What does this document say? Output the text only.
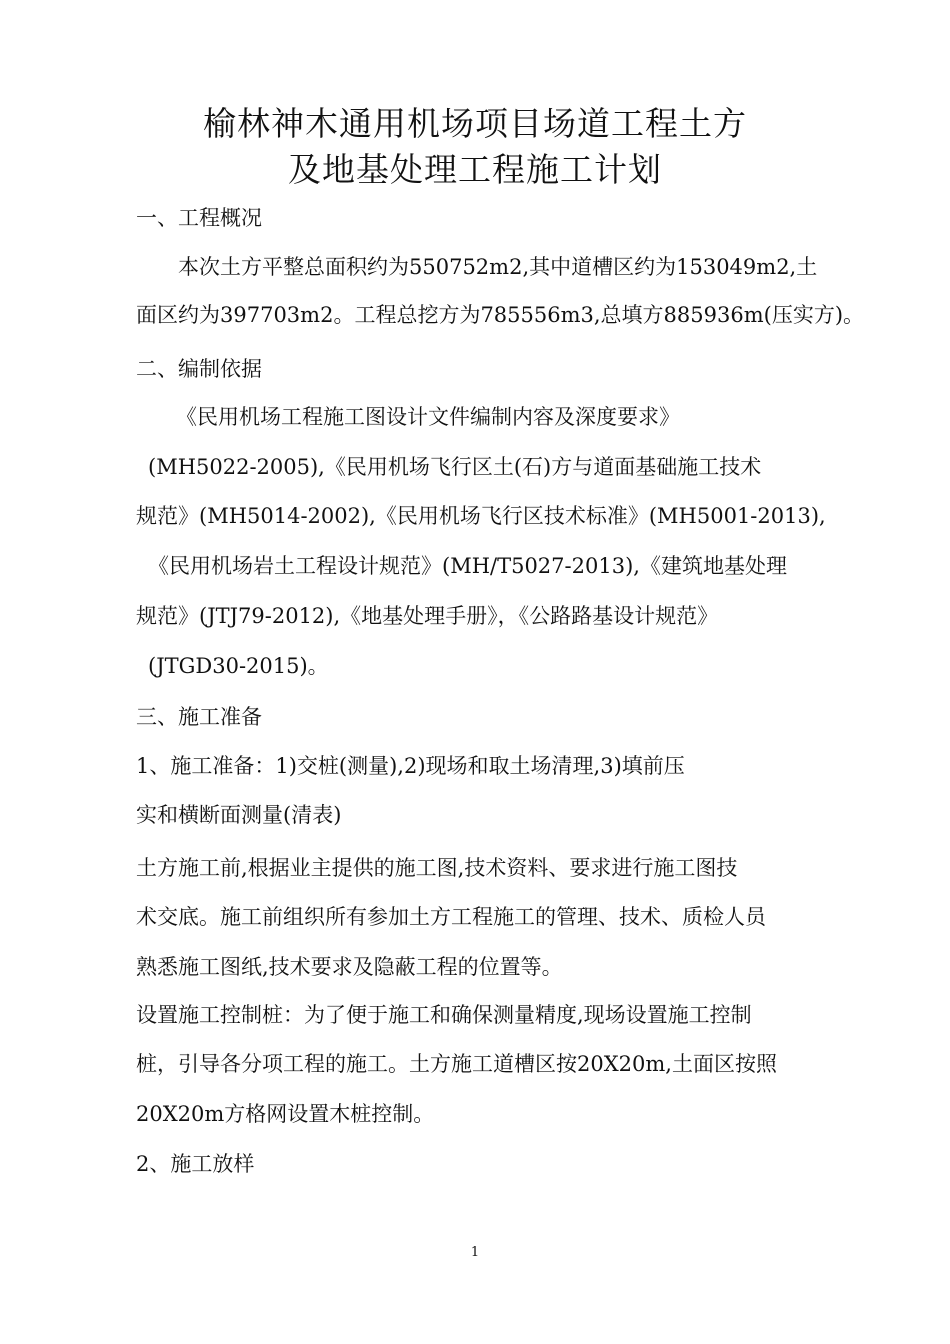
榆林神木通用机场项目场道工程土方
及地基处理工程施工计划
一、工程概况
本次土方平整总面积约为550752m2,其中道槽区约为153049m2,土
面区约为397703m2。工程总挖方为785556m3,总填方885936m(压实方)。
二、编制依据
《民用机场工程施工图设计文件编制内容及深度要求》
(MH5022-2005),《民用机场飞行区土(石)方与道面基础施工技术
规范》(MH5014-2002),《民用机场飞行区技术标准》(MH5001-2013),
《民用机场岩土工程设计规范》(MH/T5027-2013),《建筑地基处理
规范》(JTJ79-2012),《地基处理手册》，《公路路基设计规范》
(JTGD30-2015)。
三、施工准备
1、施工准备：1)交桩(测量),2)现场和取土场清理,3)填前压
实和横断面测量(清表)
土方施工前,根据业主提供的施工图,技术资料、要求进行施工图技
术交底。施工前组织所有参加土方工程施工的管理、技术、质检人员
熟悉施工图纸,技术要求及隐蔽工程的位置等。
设置施工控制桩：为了便于施工和确保测量精度,现场设置施工控制
桩，引导各分项工程的施工。土方施工道槽区按20X20m,土面区按照
20X20m方格网设置木桩控制。
2、施工放样
1
